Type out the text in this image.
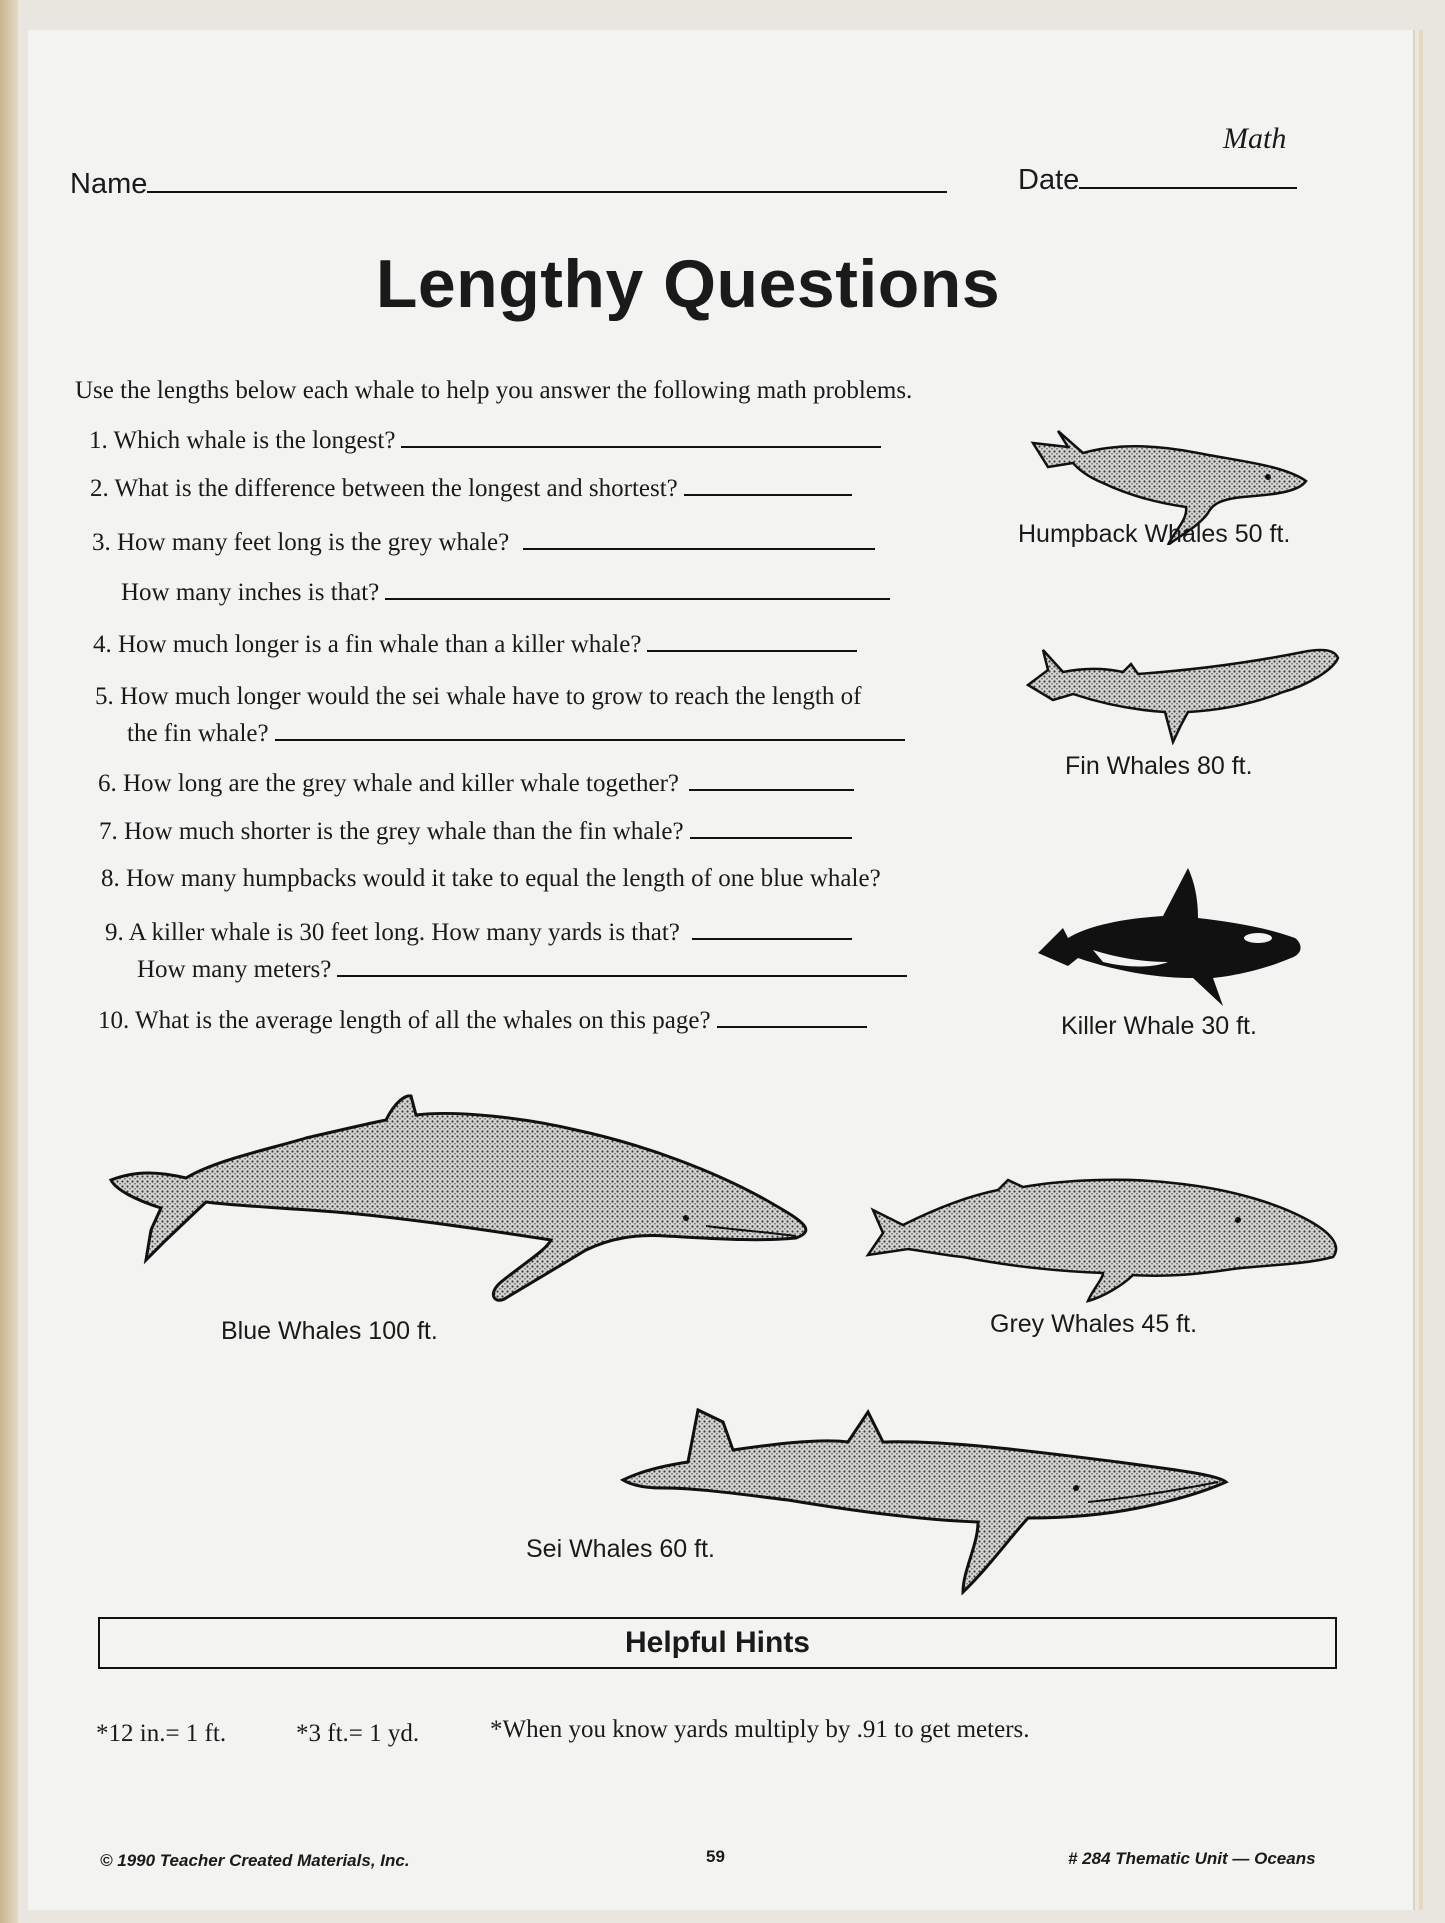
Math
Name	Date
Lengthy Questions
Use the lengths below each whale to help you answer the following math problems.
1. Which whale is the longest?
2. What is the difference between the longest and shortest?
3. How many feet long is the grey whale?
How many inches is that?
4. How much longer is a fin whale than a killer whale?
5. How much longer would the sei whale have to grow to reach the length of
the fin whale?
6. How long are the grey whale and killer whale together?
7. How much shorter is the grey whale than the fin whale?
8. How many humpbacks would it take to equal the length of one blue whale?
9. A killer whale is 30 feet long. How many yards is that?
How many meters?
10. What is the average length of all the whales on this page?
Humpback Whales 50 ft.
Fin Whales 80 ft.
Killer Whale 30 ft.
Blue Whales 100 ft.	Grey Whales 45 ft.
Sei Whales 60 ft.
Helpful Hints
*12 in.= 1 ft.	*3 ft.= 1 yd.	*When you know yards multiply by .91 to get meters.
© 1990 Teacher Created Materials, Inc.	59	# 284 Thematic Unit — Oceans
